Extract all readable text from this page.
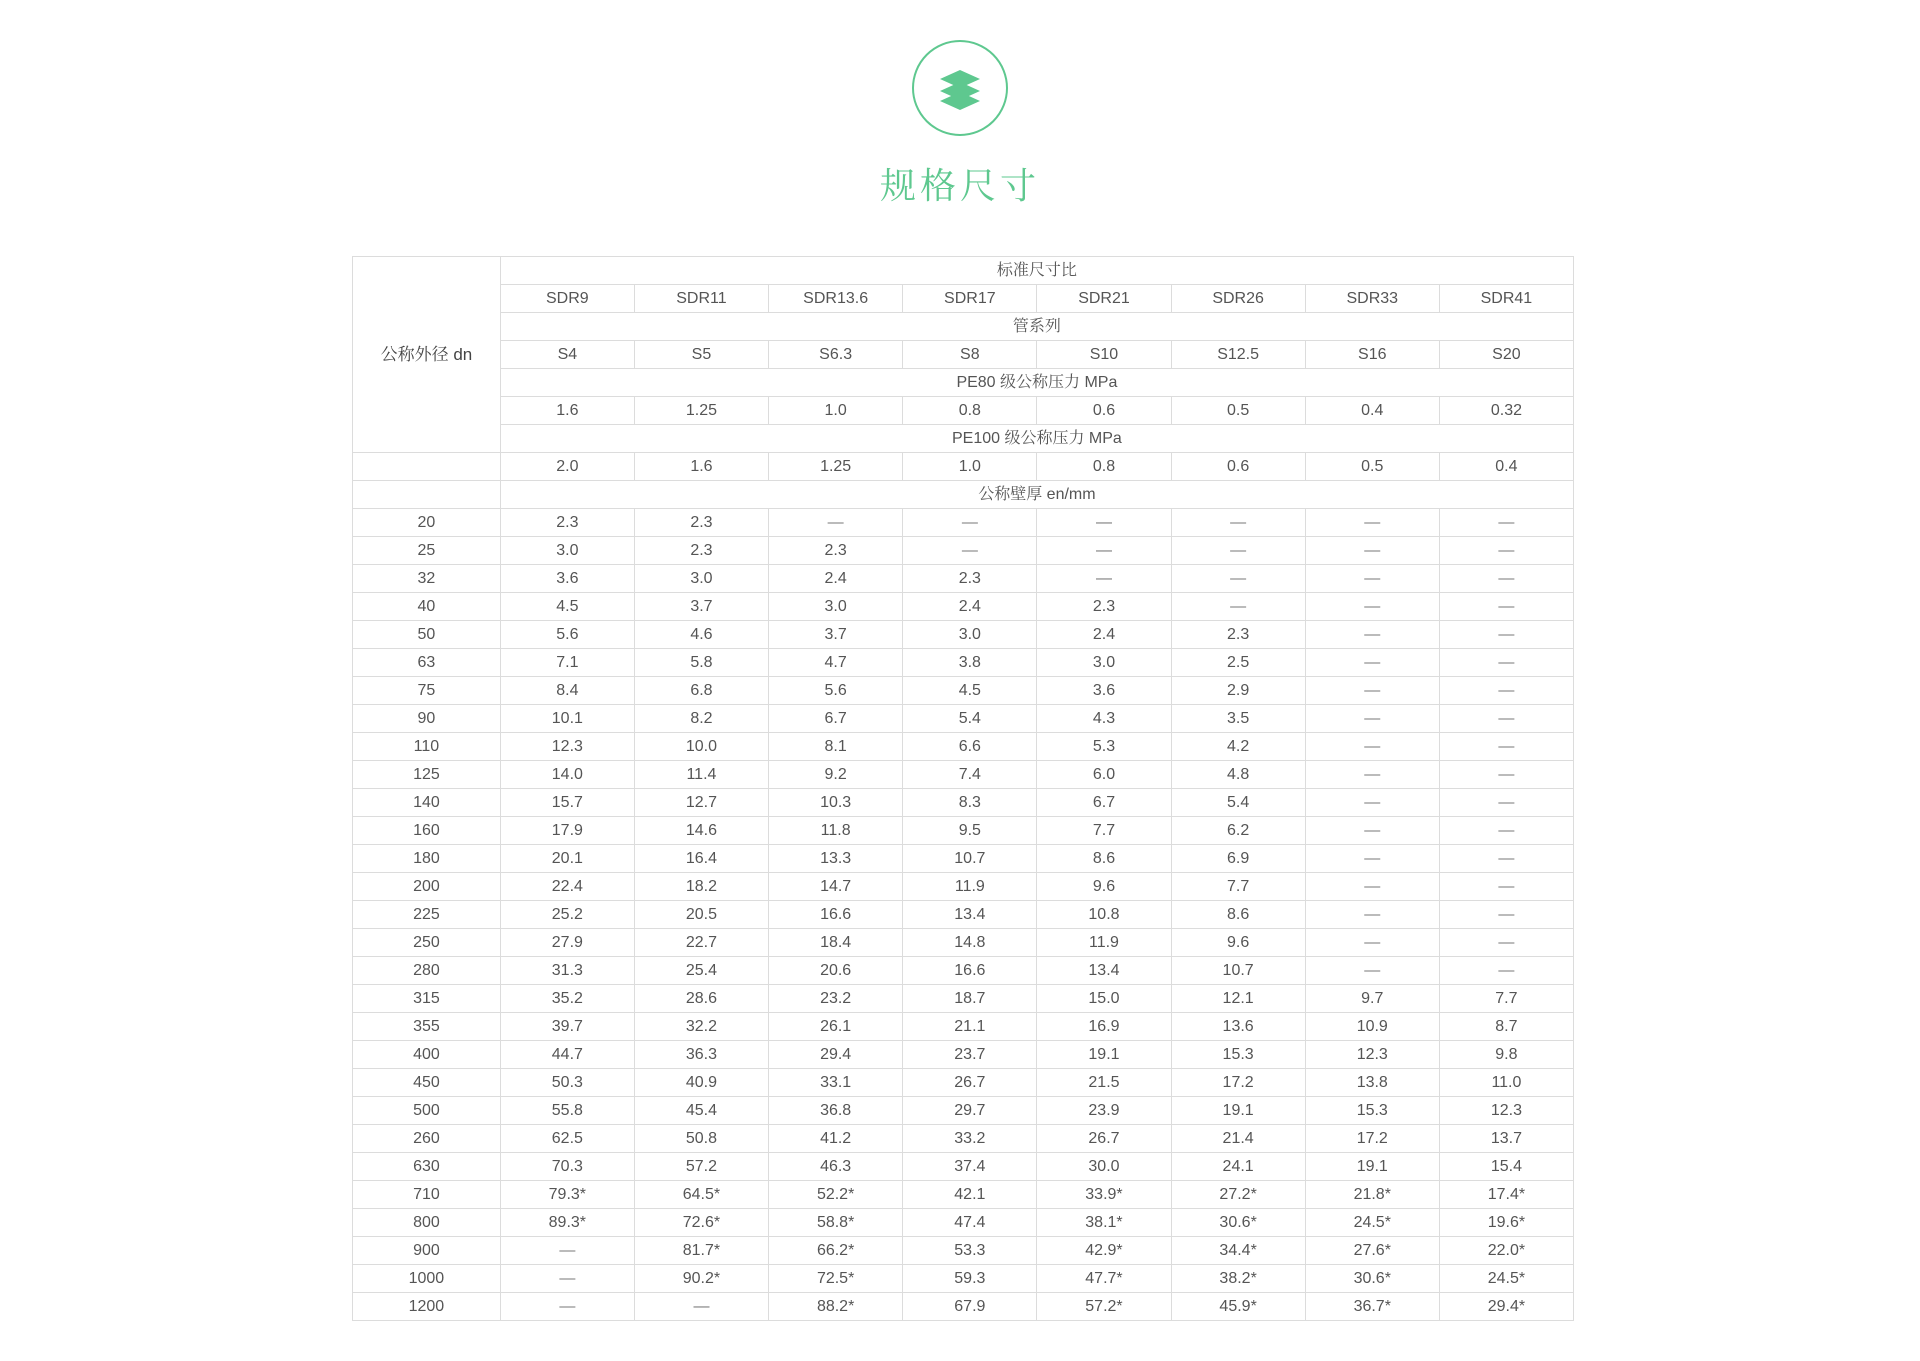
规格尺寸
公称外径 dn	标准尺寸比							
	SDR9	SDR11	SDR13.6	SDR17	SDR21	SDR26	SDR33	SDR41
	管系列							
	S4	S5	S6.3	S8	S10	S12.5	S16	S20
	PE80 级公称压力 MPa							
	1.6	1.25	1.0	0.8	0.6	0.5	0.4	0.32
	PE100 级公称压力 MPa							
	2.0	1.6	1.25	1.0	0.8	0.6	0.5	0.4
	公称壁厚 en/mm							
20	2.3	2.3	—	—	—	—	—	—
25	3.0	2.3	2.3	—	—	—	—	—
32	3.6	3.0	2.4	2.3	—	—	—	—
40	4.5	3.7	3.0	2.4	2.3	—	—	—
50	5.6	4.6	3.7	3.0	2.4	2.3	—	—
63	7.1	5.8	4.7	3.8	3.0	2.5	—	—
75	8.4	6.8	5.6	4.5	3.6	2.9	—	—
90	10.1	8.2	6.7	5.4	4.3	3.5	—	—
110	12.3	10.0	8.1	6.6	5.3	4.2	—	—
125	14.0	11.4	9.2	7.4	6.0	4.8	—	—
140	15.7	12.7	10.3	8.3	6.7	5.4	—	—
160	17.9	14.6	11.8	9.5	7.7	6.2	—	—
180	20.1	16.4	13.3	10.7	8.6	6.9	—	—
200	22.4	18.2	14.7	11.9	9.6	7.7	—	—
225	25.2	20.5	16.6	13.4	10.8	8.6	—	—
250	27.9	22.7	18.4	14.8	11.9	9.6	—	—
280	31.3	25.4	20.6	16.6	13.4	10.7	—	—
315	35.2	28.6	23.2	18.7	15.0	12.1	9.7	7.7
355	39.7	32.2	26.1	21.1	16.9	13.6	10.9	8.7
400	44.7	36.3	29.4	23.7	19.1	15.3	12.3	9.8
450	50.3	40.9	33.1	26.7	21.5	17.2	13.8	11.0
500	55.8	45.4	36.8	29.7	23.9	19.1	15.3	12.3
260	62.5	50.8	41.2	33.2	26.7	21.4	17.2	13.7
630	70.3	57.2	46.3	37.4	30.0	24.1	19.1	15.4
710	79.3*	64.5*	52.2*	42.1	33.9*	27.2*	21.8*	17.4*
800	89.3*	72.6*	58.8*	47.4	38.1*	30.6*	24.5*	19.6*
900	—	81.7*	66.2*	53.3	42.9*	34.4*	27.6*	22.0*
1000	—	90.2*	72.5*	59.3	47.7*	38.2*	30.6*	24.5*
1200	—	—	88.2*	67.9	57.2*	45.9*	36.7*	29.4*
